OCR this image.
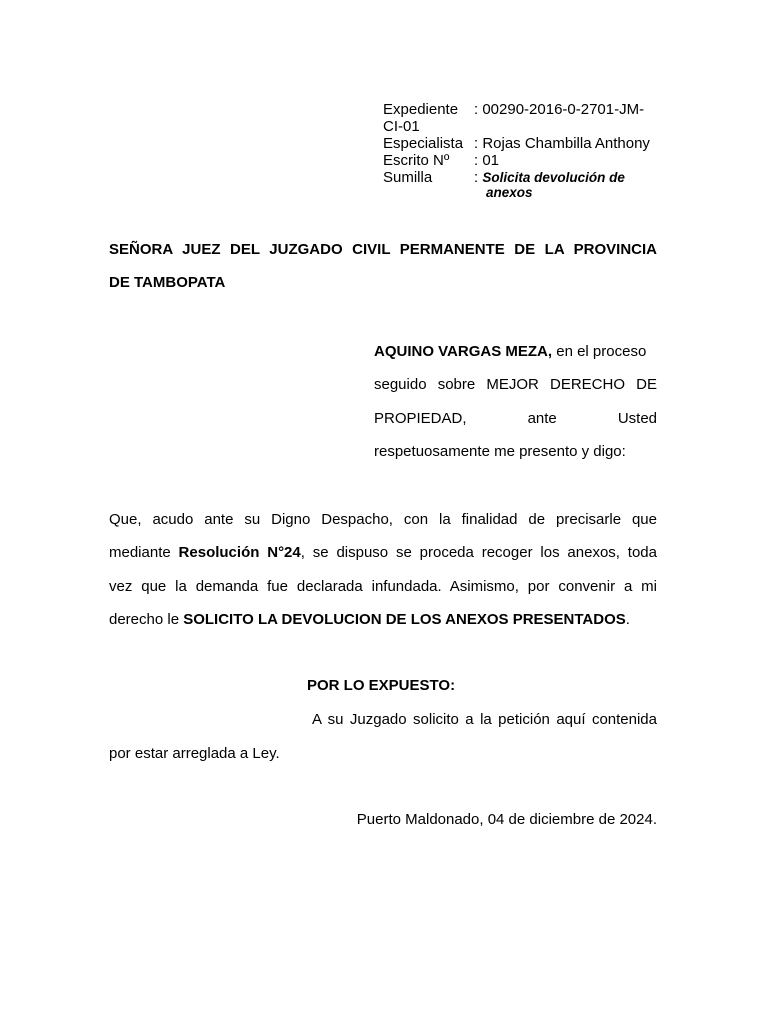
Expediente	: 00290-2016-0-2701-JM-
CI-01
Especialista : Rojas Chambilla Anthony
Escrito Nº	: 01
Sumilla	:
Solicita devolución de
anexos
SEÑORA JUEZ DEL JUZGADO CIVIL PERMANENTE DE LA PROVINCIA
DE TAMBOPATA
AQUINO VARGAS MEZA, en el proceso
seguido sobre MEJOR DERECHO DE
PROPIEDAD, ante Usted
respetuosamente me presento y digo:
Que, acudo ante su Digno Despacho, con la finalidad de precisarle que
mediante Resolución N°24, se dispuso se proceda recoger los anexos, toda
vez que la demanda fue declarada infundada. Asimismo, por convenir a mi
derecho le SOLICITO LA DEVOLUCION DE LOS ANEXOS PRESENTADOS.
POR LO EXPUESTO:
A su Juzgado solicito a la petición aquí contenida
por estar arreglada a Ley.
Puerto Maldonado, 04 de diciembre de 2024.
